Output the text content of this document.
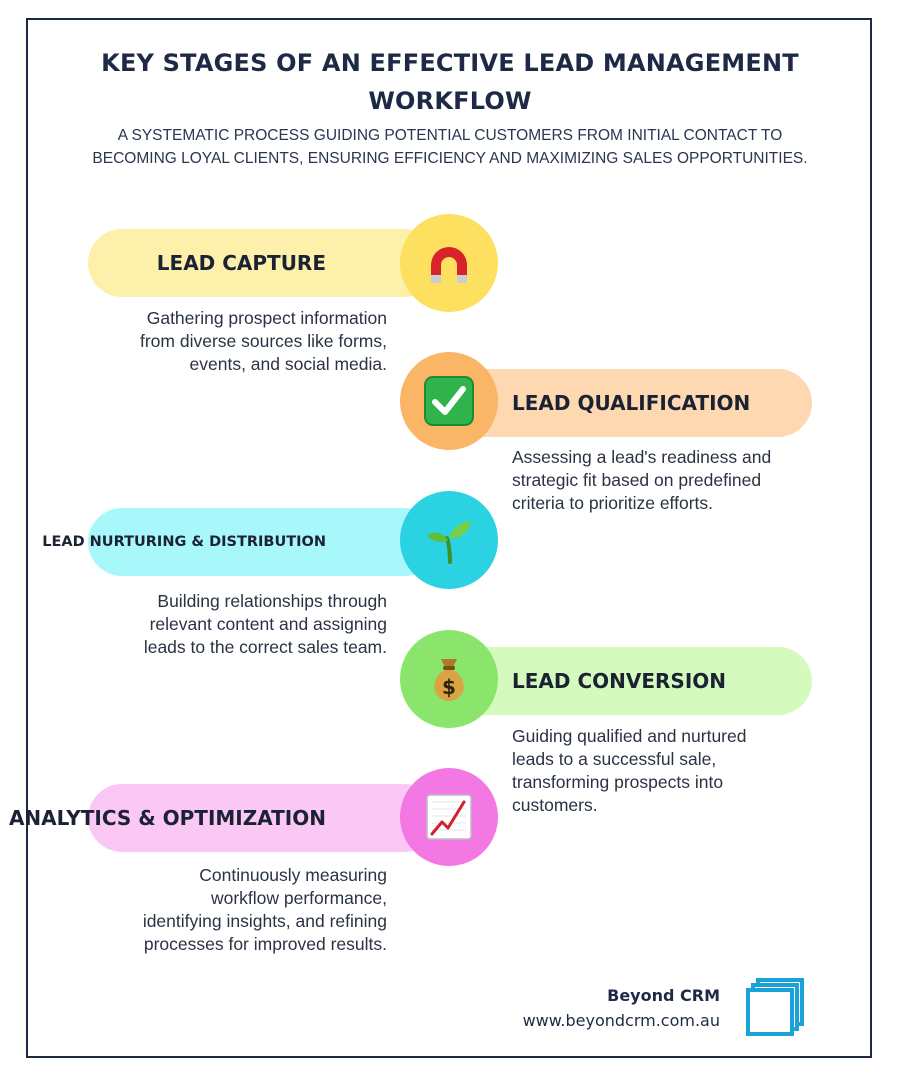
KEY STAGES OF AN EFFECTIVE LEAD MANAGEMENT
WORKFLOW
A SYSTEMATIC PROCESS GUIDING POTENTIAL CUSTOMERS FROM INITIAL CONTACT TO
BECOMING LOYAL CLIENTS, ENSURING EFFICIENCY AND MAXIMIZING SALES OPPORTUNITIES.
LEAD CAPTURE
Gathering prospect information
from diverse sources like forms,
events, and social media.
LEAD QUALIFICATION
Assessing a lead's readiness and
strategic fit based on predefined
criteria to prioritize efforts.
LEAD NURTURING & DISTRIBUTION
Building relationships through
relevant content and assigning
leads to the correct sales team.
LEAD CONVERSION
$
Guiding qualified and nurtured
leads to a successful sale,
transforming prospects into
customers.
ANALYTICS & OPTIMIZATION
Continuously measuring
workflow performance,
identifying insights, and refining
processes for improved results.
Beyond CRM
www.beyondcrm.com.au
